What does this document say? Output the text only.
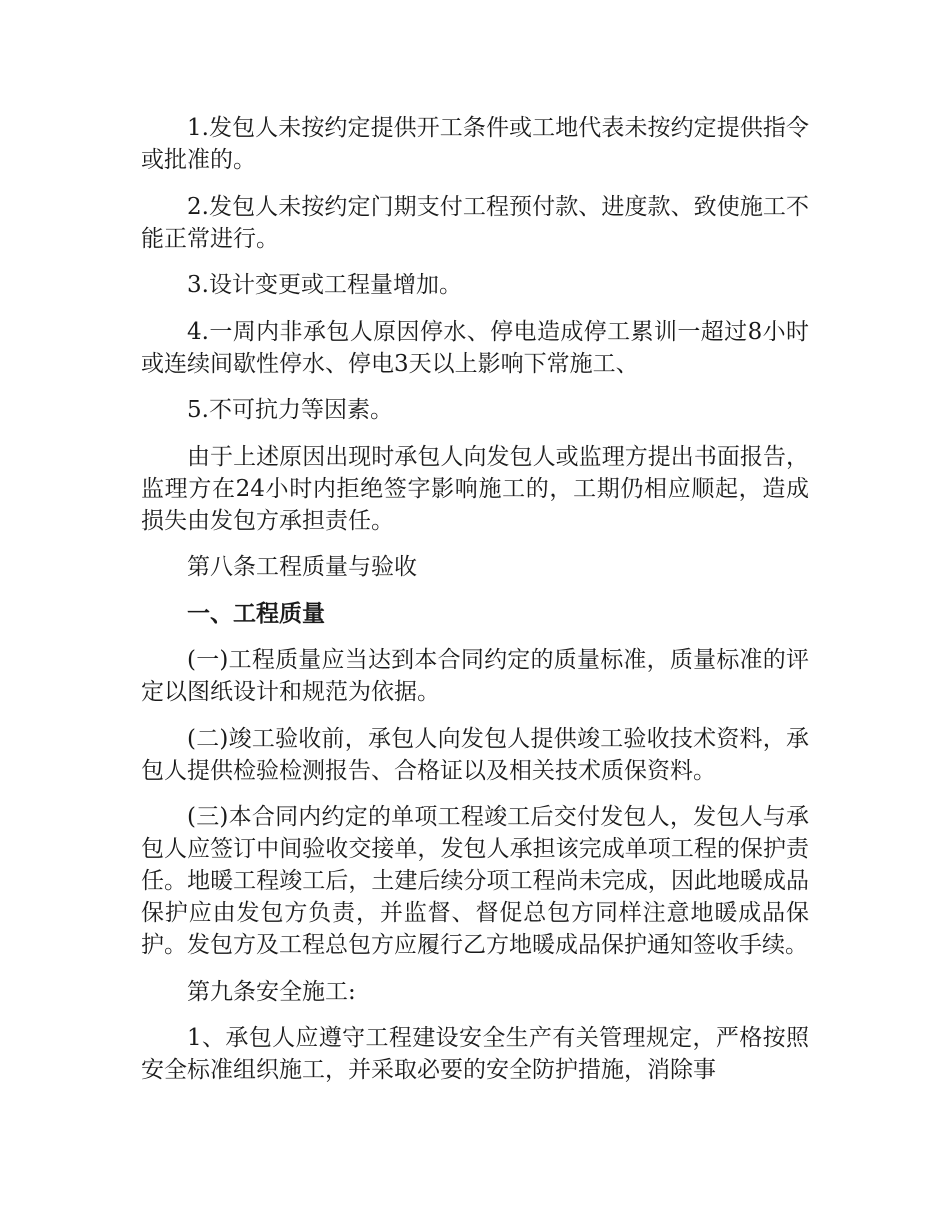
1.发包人未按约定提供开工条件或工地代表未按约定提供指令或批准的。

2.发包人未按约定门期支付工程预付款、进度款、致使施工不能正常进行。

3.设计变更或工程量增加。

4.一周内非承包人原因停水、停电造成停工累训一超过8小时或连续间歇性停水、停电3天以上影响下常施工、

5.不可抗力等因素。

由于上述原因出现时承包人向发包人或监理方提出书面报告，监理方在24小时内拒绝签字影响施工的，工期仍相应顺起，造成损失由发包方承担责任。

第八条工程质量与验收

一、工程质量

(一)工程质量应当达到本合同约定的质量标准，质量标准的评定以图纸设计和规范为依据。

(二)竣工验收前，承包人向发包人提供竣工验收技术资料，承包人提供检验检测报告、合格证以及相关技术质保资料。

(三)本合同内约定的单项工程竣工后交付发包人，发包人与承包人应签订中间验收交接单，发包人承担该完成单项工程的保护责任。地暖工程竣工后，土建后续分项工程尚未完成，因此地暖成品保护应由发包方负责，并监督、督促总包方同样注意地暖成品保护。发包方及工程总包方应履行乙方地暖成品保护通知签收手续。

第九条安全施工:

1、承包人应遵守工程建设安全生产有关管理规定，严格按照安全标准组织施工，并采取必要的安全防护措施，消除事
